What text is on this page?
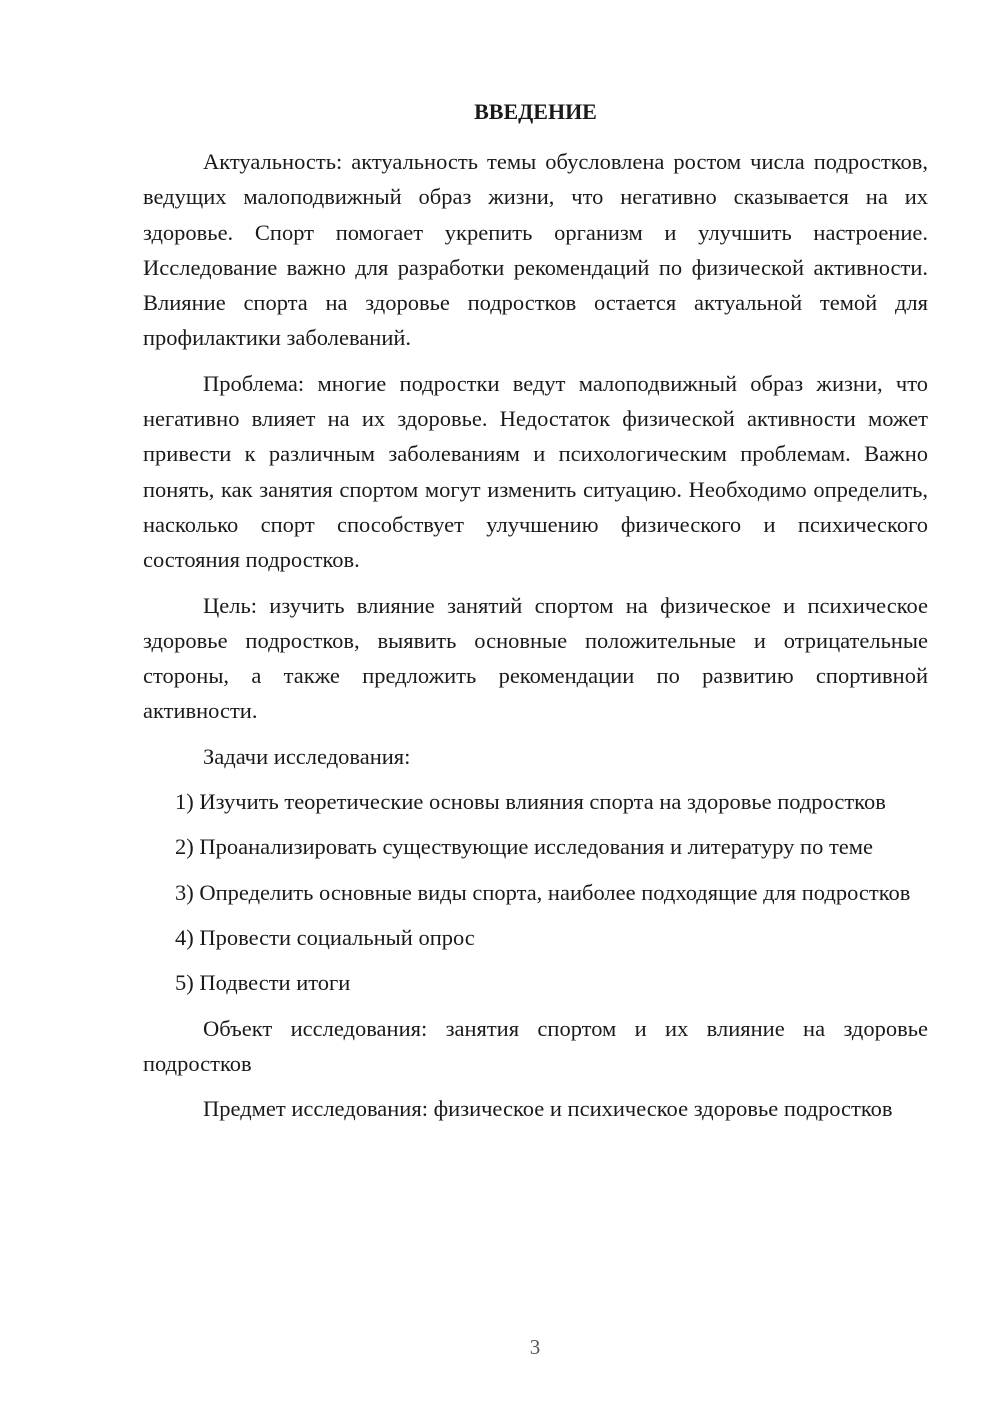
ВВЕДЕНИЕ

Актуальность: актуальность темы обусловлена ростом числа подростков, ведущих малоподвижный образ жизни, что негативно сказывается на их здоровье. Спорт помогает укрепить организм и улучшить настроение. Исследование важно для разработки рекомендаций по физической активности. Влияние спорта на здоровье подростков остается актуальной темой для профилактики заболеваний.

Проблема: многие подростки ведут малоподвижный образ жизни, что негативно влияет на их здоровье. Недостаток физической активности может привести к различным заболеваниям и психологическим проблемам. Важно понять, как занятия спортом могут изменить ситуацию. Необходимо определить, насколько спорт способствует улучшению физического и психического состояния подростков.

Цель: изучить влияние занятий спортом на физическое и психическое здоровье подростков, выявить основные положительные и отрицательные стороны, а также предложить рекомендации по развитию спортивной активности.

Задачи исследования:

1) Изучить теоретические основы влияния спорта на здоровье подростков

2) Проанализировать существующие исследования и литературу по теме

3) Определить основные виды спорта, наиболее подходящие для подростков

4) Провести социальный опрос

5) Подвести итоги

Объект исследования: занятия спортом и их влияние на здоровье подростков

Предмет исследования: физическое и психическое здоровье подростков

3
